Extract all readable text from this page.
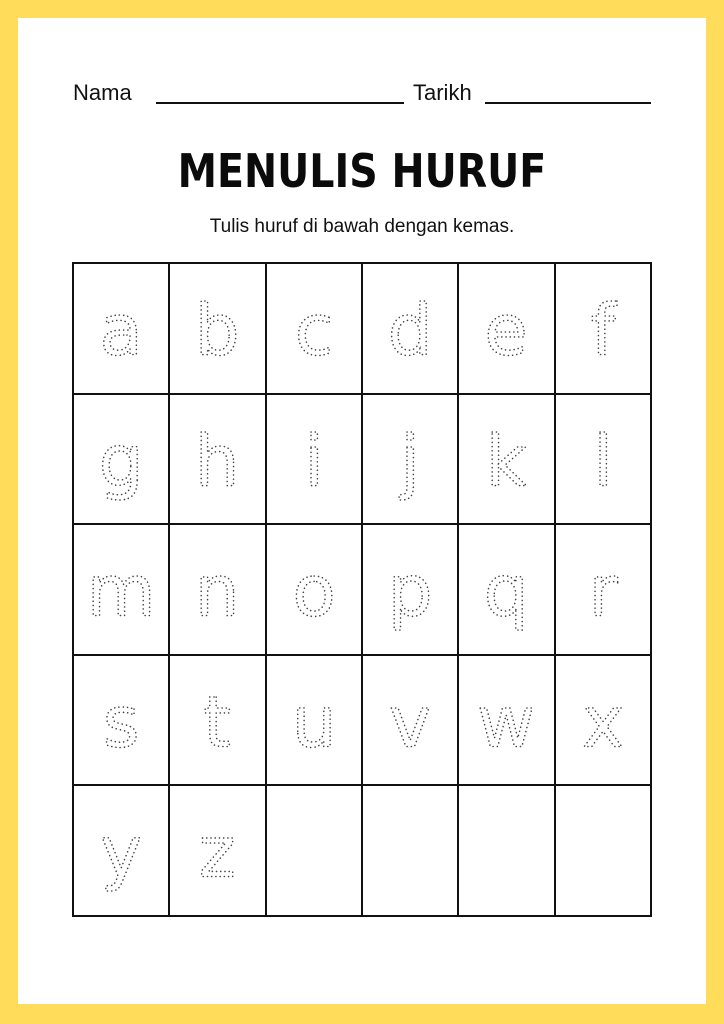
Nama	Tarikh
MENULIS HURUF
Tulis huruf di bawah dengan kemas.
a b c d e f
g h i j k l
m n o p q r
s t u v w x
y z
